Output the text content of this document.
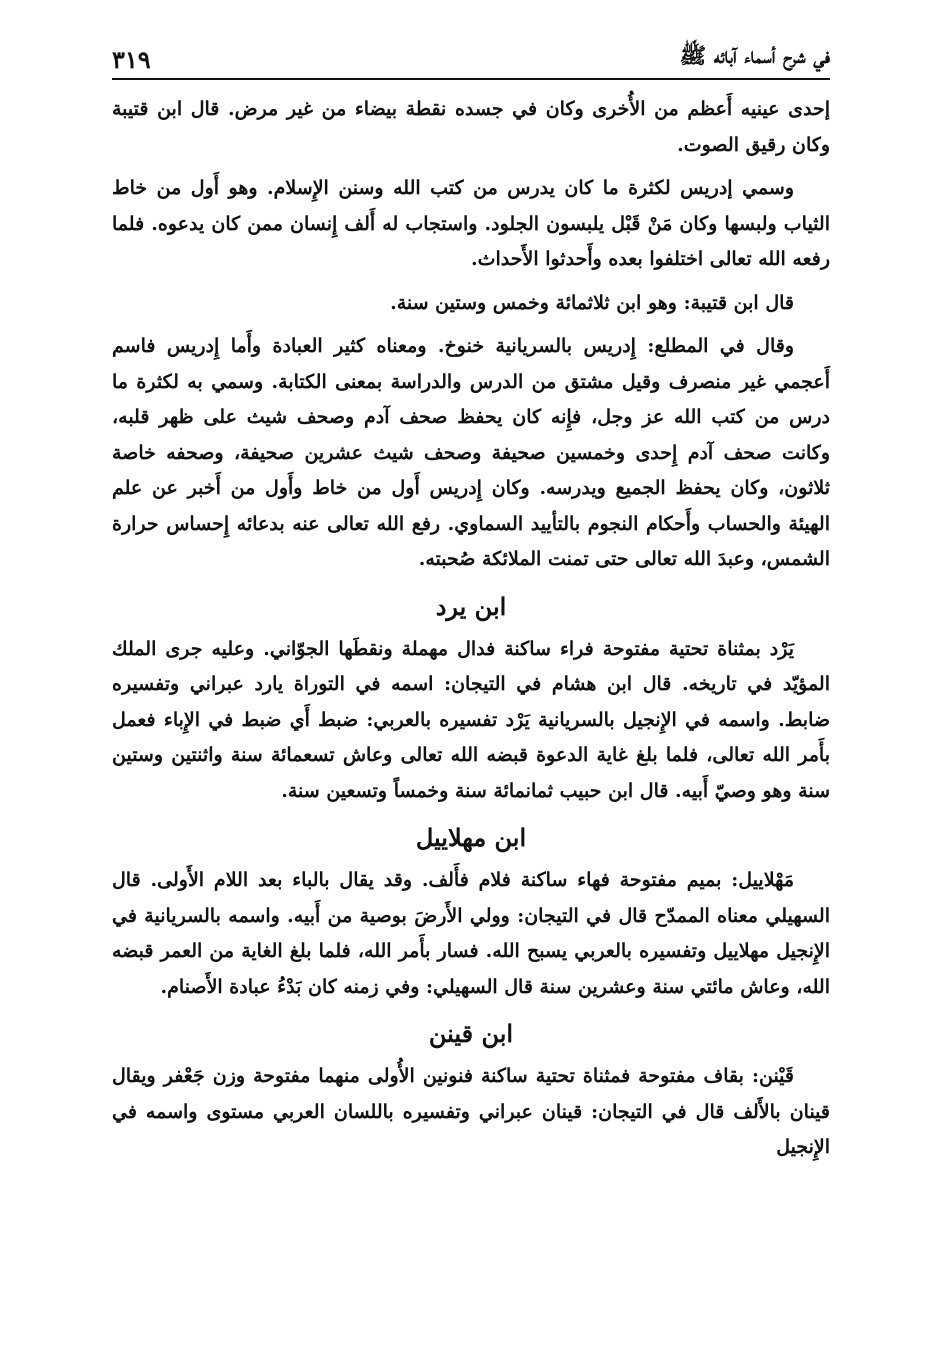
في شرح أسماء آبائه ﷺ
٣١٩

إحدى عينيه أَعظم من الأُخرى وكان في جسده نقطة بيضاء من غير مرض. قال ابن قتيبة وكان رقيق الصوت.

وسمي إدريس لكثرة ما كان يدرس من كتب الله وسنن الإِسلام. وهو أَول من خاط الثياب ولبسها وكان مَنْ قَبْل يلبسون الجلود. واستجاب له أَلف إِنسان ممن كان يدعوه. فلما رفعه الله تعالى اختلفوا بعده وأَحدثوا الأَحداث.

قال ابن قتيبة: وهو ابن ثلاثمائة وخمس وستين سنة.

وقال في المطلع: إِدريس بالسريانية خنوخ. ومعناه كثير العبادة وأَما إِدريس فاسم أَعجمي غير منصرف وقيل مشتق من الدرس والدراسة بمعنى الكتابة. وسمي به لكثرة ما درس من كتب الله عز وجل، فإِنه كان يحفظ صحف آدم وصحف شيث على ظهر قلبه، وكانت صحف آدم إِحدى وخمسين صحيفة وصحف شيث عشرين صحيفة، وصحفه خاصة ثلاثون، وكان يحفظ الجميع ويدرسه. وكان إِدريس أَول من خاط وأَول من أَخبر عن علم الهيئة والحساب وأَحكام النجوم بالتأييد السماوي. رفع الله تعالى عنه بدعائه إِحساس حرارة الشمس، وعبدَ الله تعالى حتى تمنت الملائكة صُحبته.

ابن يرد

يَرْد بمثناة تحتية مفتوحة فراء ساكنة فدال مهملة ونقطَها الجوّاني. وعليه جرى الملك المؤيّد في تاريخه. قال ابن هشام في التيجان: اسمه في التوراة يارد عبراني وتفسيره ضابط. واسمه في الإِنجيل بالسريانية يَرْد تفسيره بالعربي: ضبط أَي ضبط في الإِباء فعمل بأَمر الله تعالى، فلما بلغ غاية الدعوة قبضه الله تعالى وعاش تسعمائة سنة واثنتين وستين سنة وهو وصيّ أَبيه. قال ابن حبيب ثمانمائة سنة وخمساً وتسعين سنة.

ابن مهلاييل

مَهْلاييل: بميم مفتوحة فهاء ساكنة فلام فأَلف. وقد يقال بالباء بعد اللام الأَولى. قال السهيلي معناه الممدّح قال في التيجان: وولي الأَرضَ بوصية من أَبيه. واسمه بالسريانية في الإِنجيل مهلاييل وتفسيره بالعربي يسبح الله. فسار بأَمر الله، فلما بلغ الغاية من العمر قبضه الله، وعاش مائتي سنة وعشرين سنة قال السهيلي: وفي زمنه كان بَدْءُ عبادة الأَصنام.

ابن قينن

قَيْنن: بقاف مفتوحة فمثناة تحتية ساكنة فنونين الأُولى منهما مفتوحة وزن جَعْفر ويقال قينان بالأَلف قال في التيجان: قينان عبراني وتفسيره باللسان العربي مستوى واسمه في الإِنجيل
